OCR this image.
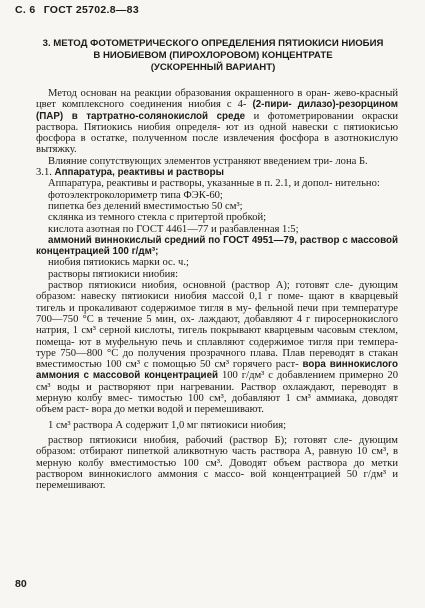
С. 6 ГОСТ 25702.8—83
3. МЕТОД ФОТОМЕТРИЧЕСКОГО ОПРЕДЕЛЕНИЯ ПЯТИОКИСИ НИОБИЯ
В НИОБИЕВОМ (ПИРОХЛОРОВОМ) КОНЦЕНТРАТЕ
(УСКОРЕННЫЙ ВАРИАНТ)

Метод основан на реакции образования окрашенного в оран- жево-красный цвет комплексного соединения ниобия с 4- (2-пири- дилазо)-резорцином (ПАР) в тартратно-солянокислой среде и фотометрировании окраски раствора. Пятиокись ниобия определя- ют из одной навески с пятиокисью фосфора в остатке, полученном после извлечения фосфора в азотнокислую вытяжку.

Влияние сопутствующих элементов устраняют введением три- лона Б.

3.1. Аппаратура, реактивы и растворы

Аппаратура, реактивы и растворы, указанные в п. 2.1, и допол- нительно:

фотоэлектроколориметр типа ФЭК-60;

пипетка без делений вместимостью 50 см³;

склянка из темного стекла с притертой пробкой;

кислота азотная по ГОСТ 4461—77 и разбавленная 1:5;

аммоний виннокислый средний по ГОСТ 4951—79, раствор с массовой концентрацией 100 г/дм³;

ниобия пятиокись марки ос. ч.;

растворы пятиокиси ниобия:

раствор пятиокиси ниобия, основной (раствор А); готовят сле- дующим образом: навеску пятиокиси ниобия массой 0,1 г поме- щают в кварцевый тигель и прокаливают содержимое тигля в му- фельной печи при температуре 700—750 °С в течение 5 мин, ох- лаждают, добавляют 4 г пиросернокислого натрия, 1 см³ серной кислоты, тигель покрывают кварцевым часовым стеклом, помеща- ют в муфельную печь и сплавляют содержимое тигля при темпера- туре 750—800 °С до получения прозрачного плава. Плав переводят в стакан вместимостью 100 см³ с помощью 50 см³ горячего раст- вора виннокислого аммония с массовой концентрацией 100 г/дм³ с добавлением примерно 20 см³ воды и растворяют при нагревании. Раствор охлаждают, переводят в мерную колбу вмес- тимостью 100 см³, добавляют 1 см³ аммиака, доводят объем раст- вора до метки водой и перемешивают.

1 см³ раствора А содержит 1,0 мг пятиокиси ниобия;

раствор пятиокиси ниобия, рабочий (раствор Б); готовят сле- дующим образом: отбирают пипеткой аликвотную часть раствора А, равную 10 см³, в мерную колбу вместимостью 100 см³. Доводят объем раствора до метки раствором виннокислого аммония с массо- вой концентрацией 50 г/дм³ и перемешивают.

80
